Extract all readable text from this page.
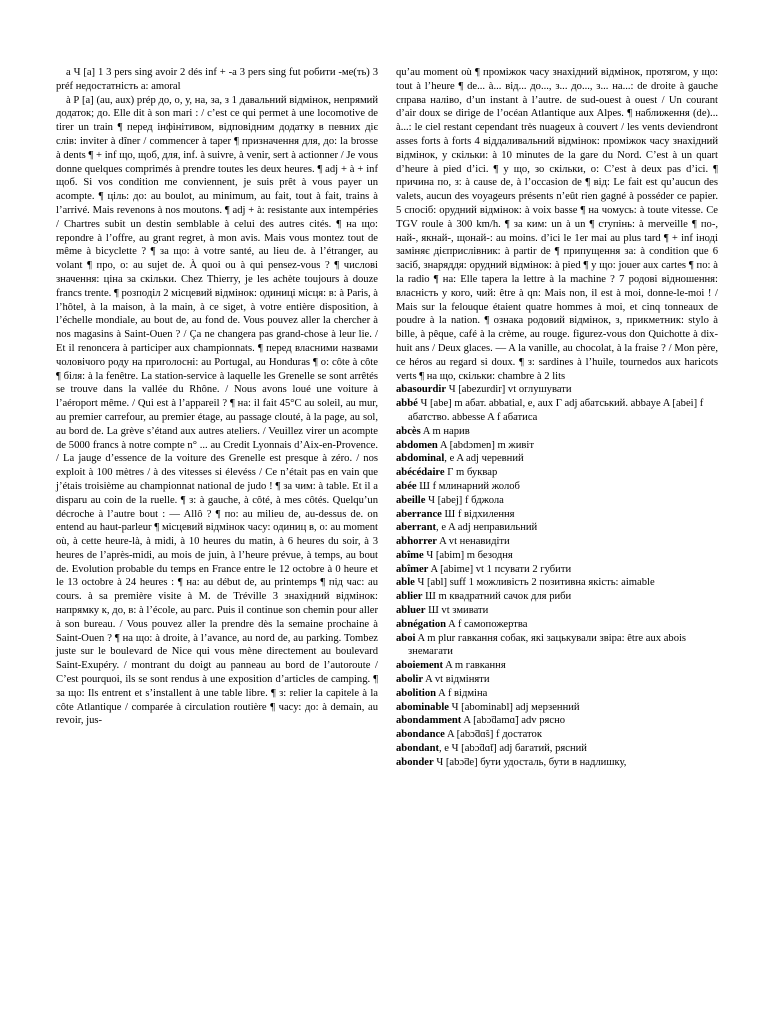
a Ч [a] 1 3 pers sing avoir 2 dés inf + -a 3 pers sing fut робити -ме(ть) 3 préf недостатність a: amoral

à Р [a] (au, aux) prép до, о, у, на, за, з 1 давальний відмінок, непрямий додаток; до. Elle dit à son mari : / c’est ce qui permet à une locomotive de tirer un train ¶ перед інфінітивом, відповідним додатку в певних діє слів: inviter à dîner / commencer à taper ¶ призначення для, до: la brosse à dents ¶ + inf що, щоб, для, inf. à suivre, à venir, sert à actionner / Je vous donne quelques comprimés à prendre toutes les deux heures. ¶ adj + à + inf щоб. Si vos condition me conviennent, je suis prêt à vous payer un acompte. ¶ ціль: до: au boulot, au minimum, au fait, tout à fait, trains à l’arrivé. Mais revenons à nos moutons. ¶ adj + à: resistante aux intempéries / Chartres subit un destin semblable à celui des autres cités. ¶ на що: repondre à l’offre, au grant regret, à mon avis. Mais vous montez tout de même à bicyclette ? ¶ за що: à votre santé, au lieu de. à l’étranger, au volant ¶ про, о: au sujet de. À quoi ou à qui pensez-vous ? ¶ числові значення: ціна за скільки. Chez Thierry, je les achète toujours à douze francs trente. ¶ розподіл 2 місцевий відмінок: одиниці місця: в: à Paris, à l’hôtel, à la maison, à la main, à ce siget, à votre entière disposition, à l’échelle mondiale, au bout de, au fond de. Vous pouvez aller la chercher à nos magasins à Saint-Ouen ? / Ça ne changera pas grand-chose à leur lie. / Et il renoncera à participer aux championnats. ¶ перед власними назвами чоловічого роду на приголосні: au Portugal, au Honduras ¶ о: côte à côte ¶ біля: à la fenêtre. La station-service à laquelle les Grenelle se sont arrêtés se trouve dans la vallée du Rhône. / Nous avons loué une voiture à l’aéroport même. / Qui est à l’appareil ? ¶ на: il fait 45°С au soleil, au mur, au premier carrefour, au premier étage, au passage clouté, à la page, au sol, au bord de. La grève s’étand aux autres ateliers. / Veuillez virer un acompte de 5000 francs à notre compte n° ... au Credit Lyonnais d’Aix-en-Provence. / La jauge d’essence de la voiture des Grenelle est presque à zéro. / nos exploit à 100 mètres / à des vitesses si élevéss / Ce n’était pas en vain que j’étais troisième au championnat national de judo ! ¶ за чим: à table. Et il a disparu au coin de la ruelle. ¶ з: à gauche, à côté, à mes côtés. Quelqu’un décroche à l’autre bout : — Allô ? ¶ по: au milieu de, au-dessus de. on entend au haut-parleur ¶ місцевий відмінок часу: одиниц в, о: au moment où, à cette heure-là, à midi, à 10 heures du matin, à 6 heures du soir, à 3 heures de l’après-midi, au mois de juin, à l’heure prévue, à temps, au bout de. Evolution probable du temps en France entre le 12 octobre à 0 heure et le 13 octobre à 24 heures : ¶ на: au début de, au printemps ¶ під час: au cours. à sa première visite à M. de Tréville 3 знахідний відмінок: напрямку к, до, в: à l’école, au parc. Puis il continue son chemin pour aller à son bureau. / Vous pouvez aller la prendre dès la semaine prochaine à Saint-Ouen ? ¶ на що: à droite, à l’avance, au nord de, au parking. Tombez juste sur le boulevard de Nice qui vous mène directement au boulevard Saint-Exupéry. / montrant du doigt au panneau au bord de l’autoroute / C’est pourquoi, ils se sont rendus à une exposition d’articles de camping. ¶ за що: Ils entrent et s’installent à une table libre. ¶ з: relier la capitele à la côte Atlantique / comparée à circulation routière ¶ часу: до: à demain, au revoir, jus-

qu’au moment où ¶ проміжок часу знахідний відмінок, протягом, у що: tout à l’heure ¶ de... à... від... до..., з... до..., з... на...: de droite à gauche справа наліво, d’un instant à l’autre. de sud-ouest à ouest / Un courant d’air doux se dirige de l’océan Atlantique aux Alpes. ¶ наближення (de)... à...: le ciel restant cependant très nuageux à couvert / les vents deviendront asses forts à forts 4 віддаливальний відмінок: проміжок часу знахідний відмінок, у скільки: à 10 minutes de la gare du Nord. C’est à un quart d’heure à pied d’ici. ¶ у що, зо скільки, о: C’est à deux pas d’ici. ¶ причина по, з: à cause de, à l’occasion de ¶ від: Le fait est qu’aucun des valets, aucun des voyageurs présents n’eût rien gagné à posséder ce papier. 5 спосіб: орудний відмінок: à voix basse ¶ на чомусь: à toute vitesse. Ce TGV roule à 300 km/h. ¶ за ким: un à un ¶ ступінь: à merveille ¶ по-, най-, якнай-, щонай-: au moins. d’ici le 1er mai au plus tard ¶ + inf іноді заміняє дієприслівник: à partir de ¶ припущення за: à condition que 6 засіб, знаряддя: орудний відмінок: à pied ¶ у що: jouer aux cartes ¶ по: à la radio ¶ на: Elle tapera la lettre à la machine ? 7 родові відношення: власність у кого, чий: être à qn: Mais non, il est à moi, donne-le-moi ! / Mais sur la felouque étaient quatre hommes à moi, et cinq tonneaux de poudre à la nation. ¶ ознака родовий відмінок, з, прикметник: stylo à bille, à pêque, café à la crème, au rouge. figurez-vous don Quichotte à dix-huit ans / Deux glaces. — A la vanille, au chocolat, à la fraise ? / Mon père, ce héros au regard si doux. ¶ з: sardines à l’huile, tournedos aux haricots verts ¶ на що, скільки: chambre à 2 lits

abasourdir Ч [abezurdir] vt оглушувати

abbé Ч [abe] m абат. abbatial, e, aux Г adj абатський. abbaye A [abei] f абатство. abbesse A f абатиса

abcès A m нарив

abdomen A [abdɔmen] m живіт

abdominal, e A adj черевний

abécédaire Г m буквар

abée Ш f млинарний жолоб

abeille Ч [abej] f бджола

aberrance Ш f відхилення

aberrant, e A adj неправильний

abhorrer A vt ненавидіти

abîme Ч [abim] m безодня

abîmer A [abime] vt 1 псувати 2 губити

able Ч [abl] suff 1 можливість 2 позитивна якість: aimable

ablier Ш m квадратний сачок для риби

abluer Ш vt змивати

abnégation A f самопожертва

aboi A m plur гавкання собак, які зацькували звіра: être aux abois знемагати

aboiement A m гавкання

abolir A vt відміняти

abolition A f відміна

abominable Ч [abominabl] adj мерзенний

abondamment A [abɔ̃damɑ̃] adv рясно

abondance A [abɔ̃dɑ̃s] f достаток

abondant, e Ч [abɔ̃dɑ̃t] adj багатий, рясний

abonder Ч [abɔ̃de] бути удосталь, бути в надлишку,
